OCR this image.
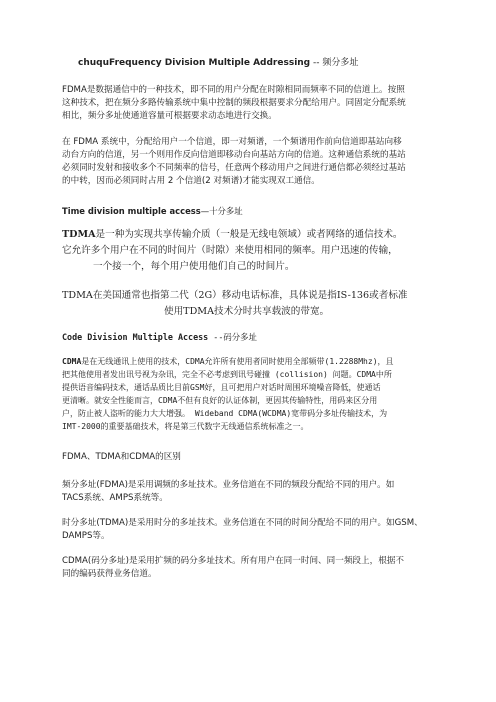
chuquFrequency Division Multiple Addressing -- 频分多址
FDMA是数据通信中的一种技术，即不同的用户分配在时隙相同而频率不同的信道上。按照
这种技术，把在频分多路传输系统中集中控制的频段根据要求分配给用户。同固定分配系统
相比，频分多址使通道容量可根据要求动态地进行交换。
在 FDMA 系统中，分配给用户一个信道，即一对频谱，一个频谱用作前向信道即基站向移
动台方向的信道，另一个则用作反向信道即移动台向基站方向的信道。这种通信系统的基站
必须同时发射和接收多个不同频率的信号，任意两个移动用户之间进行通信都必须经过基站
的中转，因而必须同时占用 2 个信道(2 对频谱)才能实现双工通信。
Time division multiple access—十分多址
TDMA是一种为实现共享传输介质（一般是无线电领域）或者网络的通信技术。
它允许多个用户在不同的时间片（时隙）来使用相同的频率。用户迅速的传输，
一个接一个，每个用户使用他们自己的时间片。
TDMA在美国通常也指第二代（2G）移动电话标准，具体说是指IS-136或者标准
使用TDMA技术分时共享载波的带宽。
Code Division Multiple Access --码分多址
CDMA是在无线通讯上使用的技术，CDMA允许所有使用者同时使用全部频带(1.2288Mhz)，且
把其他使用者发出讯号视为杂讯，完全不必考虑到讯号碰撞 (collision) 问题。CDMA中所
提供语音编码技术，通话品质比目前GSM好，且可把用户对话时周围环境噪音降低，使通话
更清晰。就安全性能而言，CDMA不但有良好的认证体制，更因其传输特性，用码来区分用
户，防止被人盗听的能力大大增强。 Wideband CDMA(WCDMA)宽带码分多址传输技术，为
IMT-2000的重要基础技术，将是第三代数字无线通信系统标准之一。
FDMA、TDMA和CDMA的区别
频分多址(FDMA)是采用调频的多址技术。业务信道在不同的频段分配给不同的用户。如
TACS系统、AMPS系统等。
时分多址(TDMA)是采用时分的多址技术。业务信道在不同的时间分配给不同的用户。如GSM、
DAMPS等。
CDMA(码分多址)是采用扩频的码分多址技术。所有用户在同一时间、同一频段上，根据不
同的编码获得业务信道。
